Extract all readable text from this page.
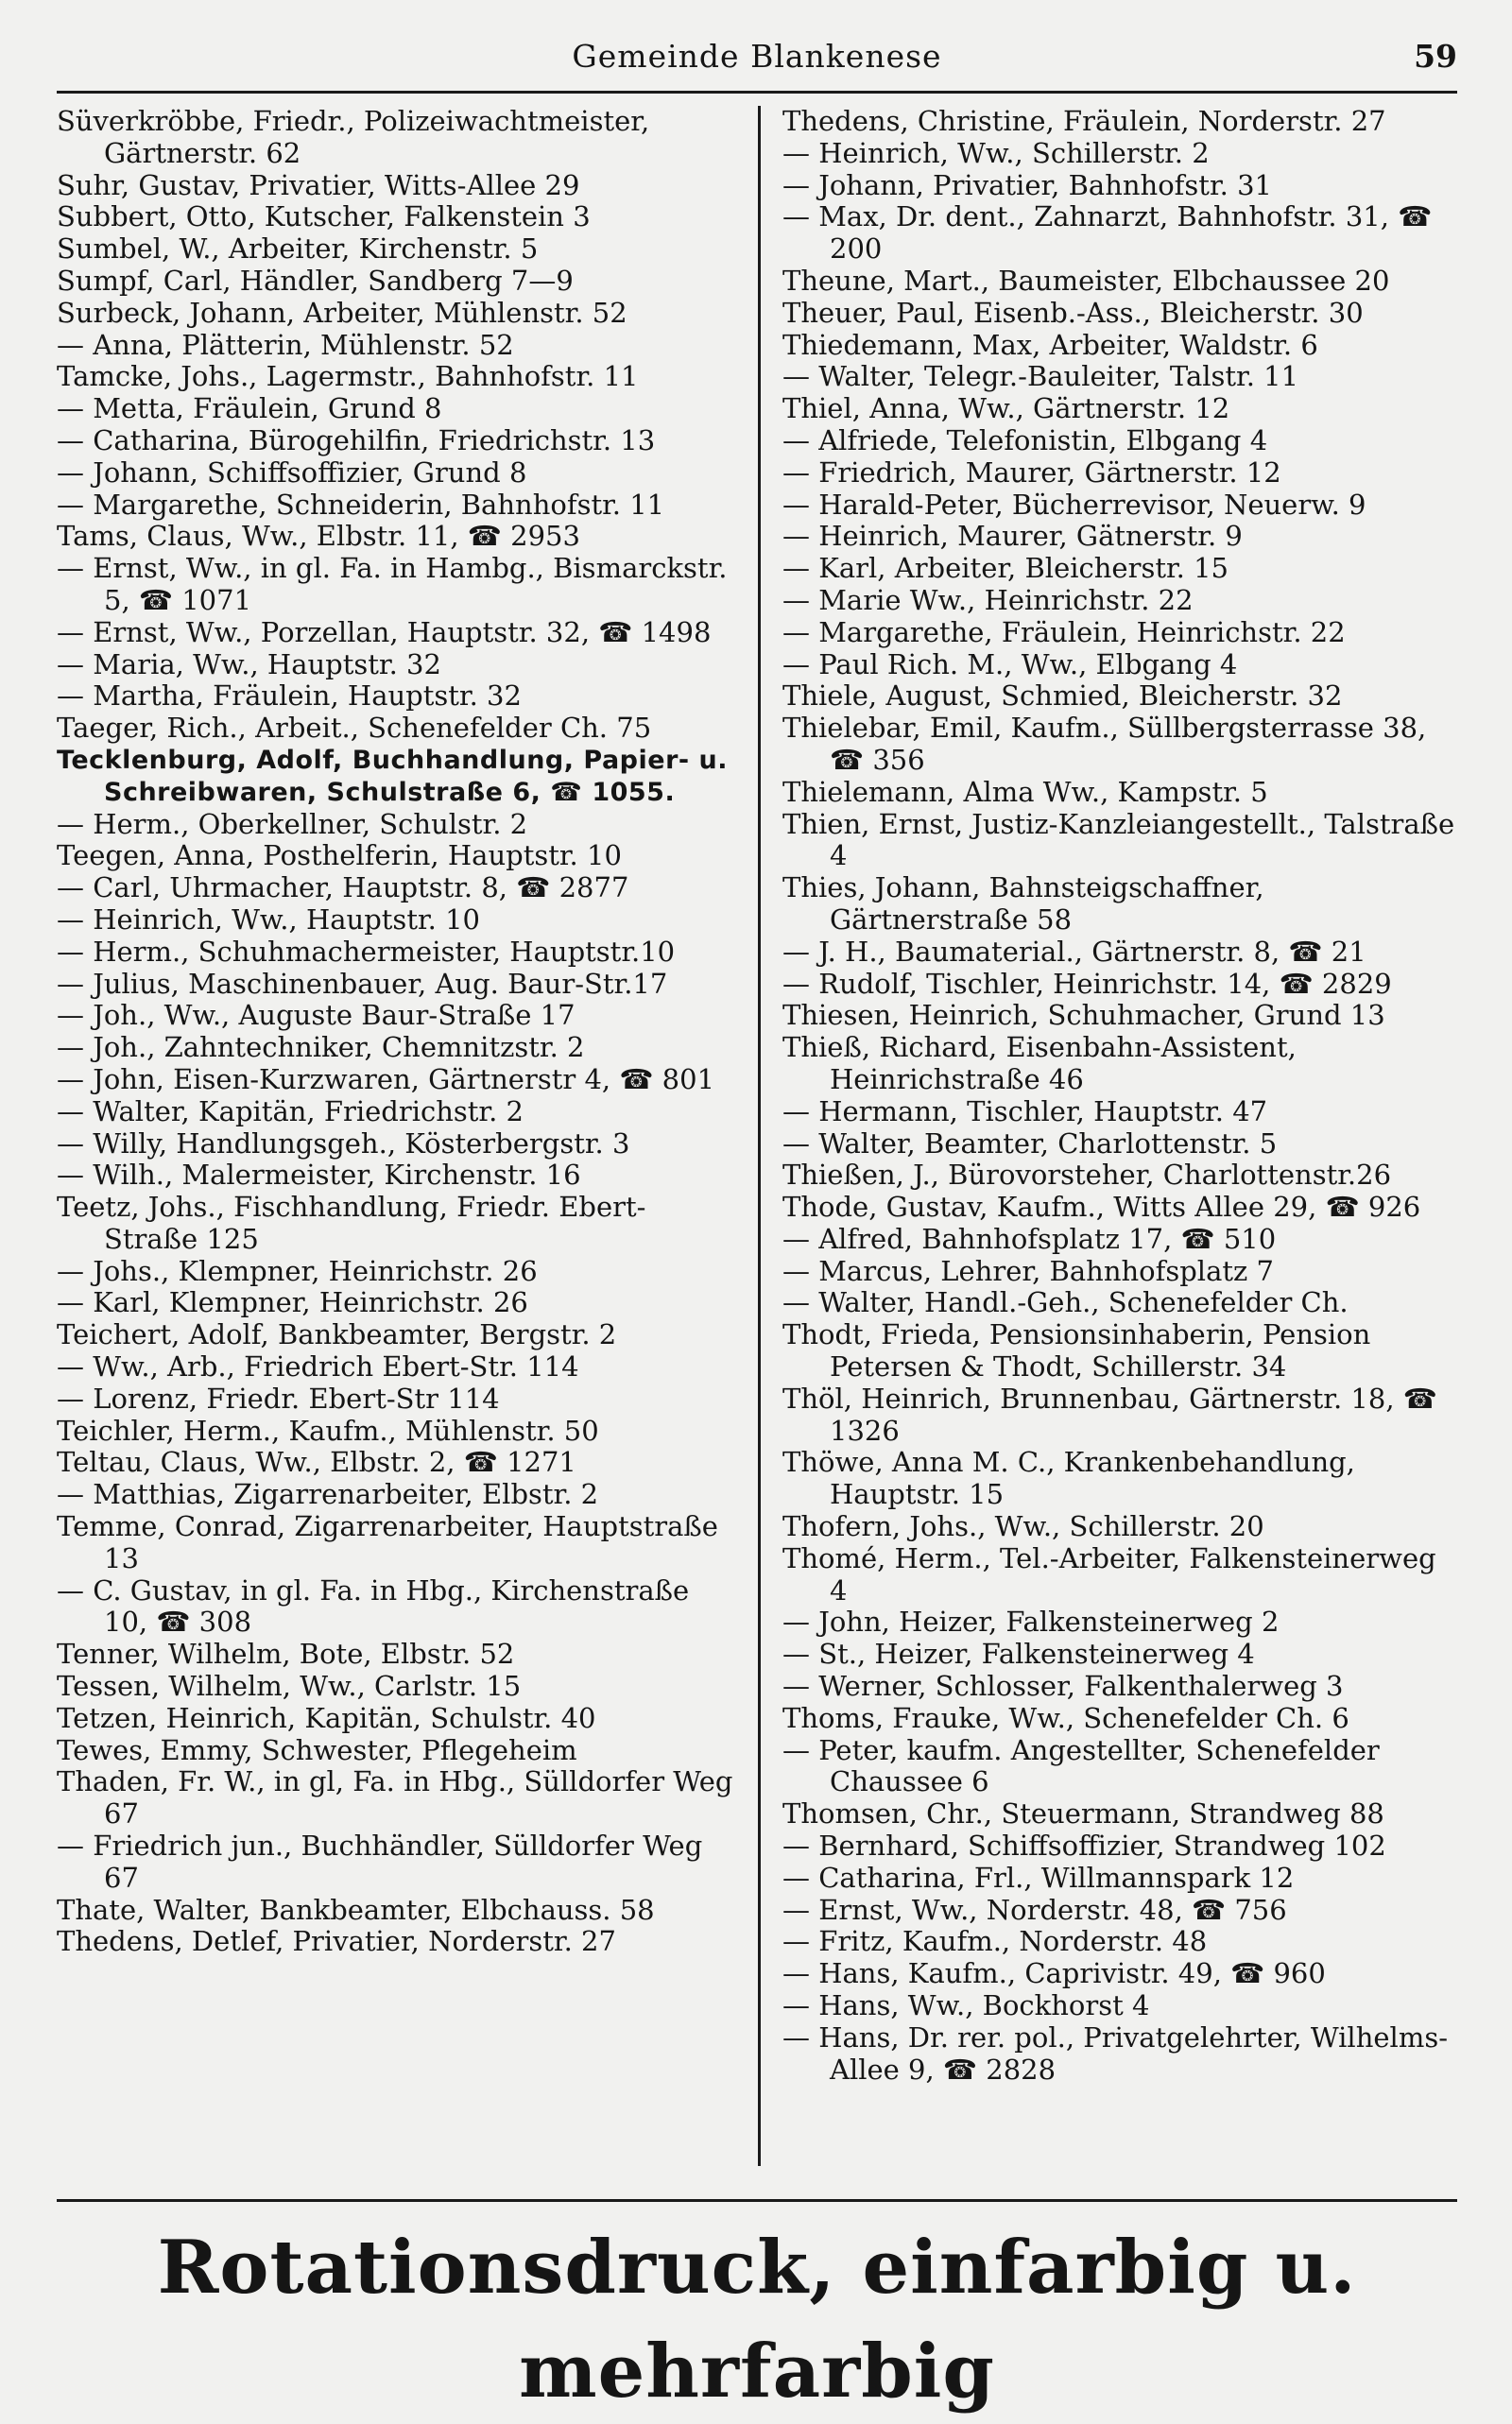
Gemeinde Blankenese	59

Süverkröbbe, Friedr., Polizeiwachtmeister, Gärtnerstr. 62

Suhr, Gustav, Privatier, Witts-Allee 29

Subbert, Otto, Kutscher, Falkenstein 3

Sumbel, W., Arbeiter, Kirchenstr. 5

Sumpf, Carl, Händler, Sandberg 7—9

Surbeck, Johann, Arbeiter, Mühlenstr. 52

— Anna, Plätterin, Mühlenstr. 52

Tamcke, Johs., Lagermstr., Bahnhofstr. 11

— Metta, Fräulein, Grund 8

— Catharina, Bürogehilfin, Friedrichstr. 13

— Johann, Schiffsoffizier, Grund 8

— Margarethe, Schneiderin, Bahnhofstr. 11

Tams, Claus, Ww., Elbstr. 11, ☎ 2953

— Ernst, Ww., in gl. Fa. in Hambg., Bismarckstr. 5, ☎ 1071

— Ernst, Ww., Porzellan, Hauptstr. 32, ☎ 1498

— Maria, Ww., Hauptstr. 32

— Martha, Fräulein, Hauptstr. 32

Taeger, Rich., Arbeit., Schenefelder Ch. 75

Tecklenburg, Adolf, Buchhandlung, Papier- u. Schreibwaren, Schulstraße 6, ☎ 1055.

— Herm., Oberkellner, Schulstr. 2

Teegen, Anna, Posthelferin, Hauptstr. 10

— Carl, Uhrmacher, Hauptstr. 8, ☎ 2877

— Heinrich, Ww., Hauptstr. 10

— Herm., Schuhmachermeister, Hauptstr.10

— Julius, Maschinenbauer, Aug. Baur-Str.17

— Joh., Ww., Auguste Baur-Straße 17

— Joh., Zahntechniker, Chemnitzstr. 2

— John, Eisen-Kurzwaren, Gärtnerstr 4, ☎ 801

— Walter, Kapitän, Friedrichstr. 2

— Willy, Handlungsgeh., Kösterbergstr. 3

— Wilh., Malermeister, Kirchenstr. 16

Teetz, Johs., Fischhandlung, Friedr. Ebert-Straße 125

— Johs., Klempner, Heinrichstr. 26

— Karl, Klempner, Heinrichstr. 26

Teichert, Adolf, Bankbeamter, Bergstr. 2

— Ww., Arb., Friedrich Ebert-Str. 114

— Lorenz, Friedr. Ebert-Str 114

Teichler, Herm., Kaufm., Mühlenstr. 50

Teltau, Claus, Ww., Elbstr. 2, ☎ 1271

— Matthias, Zigarrenarbeiter, Elbstr. 2

Temme, Conrad, Zigarrenarbeiter, Hauptstraße 13

— C. Gustav, in gl. Fa. in Hbg., Kirchenstraße 10, ☎ 308

Tenner, Wilhelm, Bote, Elbstr. 52

Tessen, Wilhelm, Ww., Carlstr. 15

Tetzen, Heinrich, Kapitän, Schulstr. 40

Tewes, Emmy, Schwester, Pflegeheim

Thaden, Fr. W., in gl, Fa. in Hbg., Sülldorfer Weg 67

— Friedrich jun., Buchhändler, Sülldorfer Weg 67

Thate, Walter, Bankbeamter, Elbchauss. 58

Thedens, Detlef, Privatier, Norderstr. 27

Thedens, Christine, Fräulein, Norderstr. 27

— Heinrich, Ww., Schillerstr. 2

— Johann, Privatier, Bahnhofstr. 31

— Max, Dr. dent., Zahnarzt, Bahnhofstr. 31, ☎ 200

Theune, Mart., Baumeister, Elbchaussee 20

Theuer, Paul, Eisenb.-Ass., Bleicherstr. 30

Thiedemann, Max, Arbeiter, Waldstr. 6

— Walter, Telegr.-Bauleiter, Talstr. 11

Thiel, Anna, Ww., Gärtnerstr. 12

— Alfriede, Telefonistin, Elbgang 4

— Friedrich, Maurer, Gärtnerstr. 12

— Harald-Peter, Bücherrevisor, Neuerw. 9

— Heinrich, Maurer, Gätnerstr. 9

— Karl, Arbeiter, Bleicherstr. 15

— Marie Ww., Heinrichstr. 22

— Margarethe, Fräulein, Heinrichstr. 22

— Paul Rich. M., Ww., Elbgang 4

Thiele, August, Schmied, Bleicherstr. 32

Thielebar, Emil, Kaufm., Süllbergsterrasse 38, ☎ 356

Thielemann, Alma Ww., Kampstr. 5

Thien, Ernst, Justiz-Kanzleiangestellt., Talstraße 4

Thies, Johann, Bahnsteigschaffner, Gärtnerstraße 58

— J. H., Baumaterial., Gärtnerstr. 8, ☎ 21

— Rudolf, Tischler, Heinrichstr. 14, ☎ 2829

Thiesen, Heinrich, Schuhmacher, Grund 13

Thieß, Richard, Eisenbahn-Assistent, Heinrichstraße 46

— Hermann, Tischler, Hauptstr. 47

— Walter, Beamter, Charlottenstr. 5

Thießen, J., Bürovorsteher, Charlottenstr.26

Thode, Gustav, Kaufm., Witts Allee 29, ☎ 926

— Alfred, Bahnhofsplatz 17, ☎ 510

— Marcus, Lehrer, Bahnhofsplatz 7

— Walter, Handl.-Geh., Schenefelder Ch.

Thodt, Frieda, Pensionsinhaberin, Pension Petersen & Thodt, Schillerstr. 34

Thöl, Heinrich, Brunnenbau, Gärtnerstr. 18, ☎ 1326

Thöwe, Anna M. C., Krankenbehandlung, Hauptstr. 15

Thofern, Johs., Ww., Schillerstr. 20

Thomé, Herm., Tel.-Arbeiter, Falkensteinerweg 4

— John, Heizer, Falkensteinerweg 2

— St., Heizer, Falkensteinerweg 4

— Werner, Schlosser, Falkenthalerweg 3

Thoms, Frauke, Ww., Schenefelder Ch. 6

— Peter, kaufm. Angestellter, Schenefelder Chaussee 6

Thomsen, Chr., Steuermann, Strandweg 88

— Bernhard, Schiffsoffizier, Strandweg 102

— Catharina, Frl., Willmannspark 12

— Ernst, Ww., Norderstr. 48, ☎ 756

— Fritz, Kaufm., Norderstr. 48

— Hans, Kaufm., Caprivistr. 49, ☎ 960

— Hans, Ww., Bockhorst 4

— Hans, Dr. rer. pol., Privatgelehrter, Wilhelms-Allee 9, ☎ 2828

Rotationsdruck, einfarbig u. mehrfarbig
